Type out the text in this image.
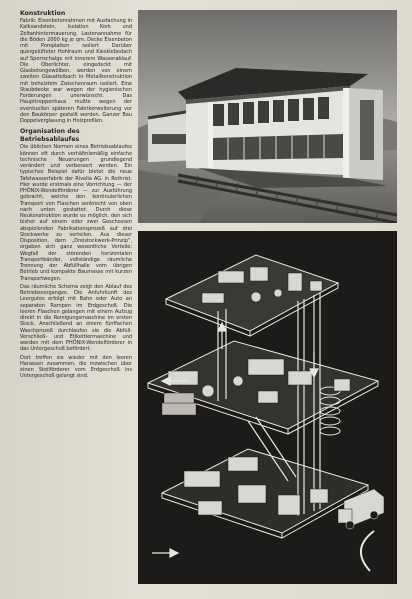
Konstruktion

Fabrik: Eisenbetonrahmen mit Ausfachung in Kalksandstein, Isolation Kork und Zeltanhintermauerung. Lastenannahme für die Böden 2000 kg je qm. Decke Eisenbeton mit Poroplatten isoliert Darüber quergelüfteter Hohlraum und Kiesklebedach auf Sperrschalge mit innerem Wasserablauf. Die Oberlichter, eingedeckt mit Glasbetongewölben, werden von einem zweiten Glasattelbach in Metallkonstruktion mit beheiztem Zwischenraum isoliert. Eine Staubdecke war wegen der hygienischen Forderungen unerwünscht. Das Haupttreppenhaus mußte wegen der eventuellen späteren Fabrikerweiterung vor den Baukörper gestellt werden. Ganzer Bau Doppelverglasung in Holzprofilen.

Organisation des Betriebsablaufes

Die üblichen Normen eines Betriebsablaufes können oft durch verhältnismäßig einfache technische Neuerungen grundlegend verändert und verbessert werden. Ein typisches Beispiel dafür bietet die neue Tafelwasserfabrik der Rivella AG. in Rothrist. Hier wurde erstmals eine Vorrichtung — der PHÖNIX-Wendelförderer — zur Ausführung gebracht, welche den kontinuierlichen Transport von Flaschen senkrecht von oben nach unten gestattet. Durch diese Neukonstruktion wurde es möglich, den sich bisher auf einem oder zwei Geschossen abspielenden Fabrikationsprozeß auf drei Stockwerke zu verteilen. Aus dieser Disposition, dem „Dreistockwerk-Prinzip“, ergaben sich ganz wesentliche Vorteile: Wegfall der störenden horizontalen Transportbänder, vollständige räumliche Trennung der Abfüllhalle vom übrigen Betrieb und kompakte Baumasse mit kurzen Transportwegen.

Das räumliche Schema zeigt den Ablauf des Betriebsvorganges. Die Anfuhrkunft des Leergutes erfolgt mit Bahn oder Auto an separaten Rampen im Erdgeschoß. Die leeren Flaschen gelangen mit einem Aufzug direkt in die Reinigungsmaschine im ersten Stock. Anschließend an einem fünffachen Waschprozeß durchlaufen sie die Abfüll-Verschließ- und Etikettiermaschine und werden mit dem PHÖNIX-Wendelförderer in das Untergeschoß befördert.

Dort treffen sie wieder mit den leeren Harassen zusammen, die inzwischen über einen Steilförderer vom Erdgeschoß ins Untergeschoß gelangt sind.
